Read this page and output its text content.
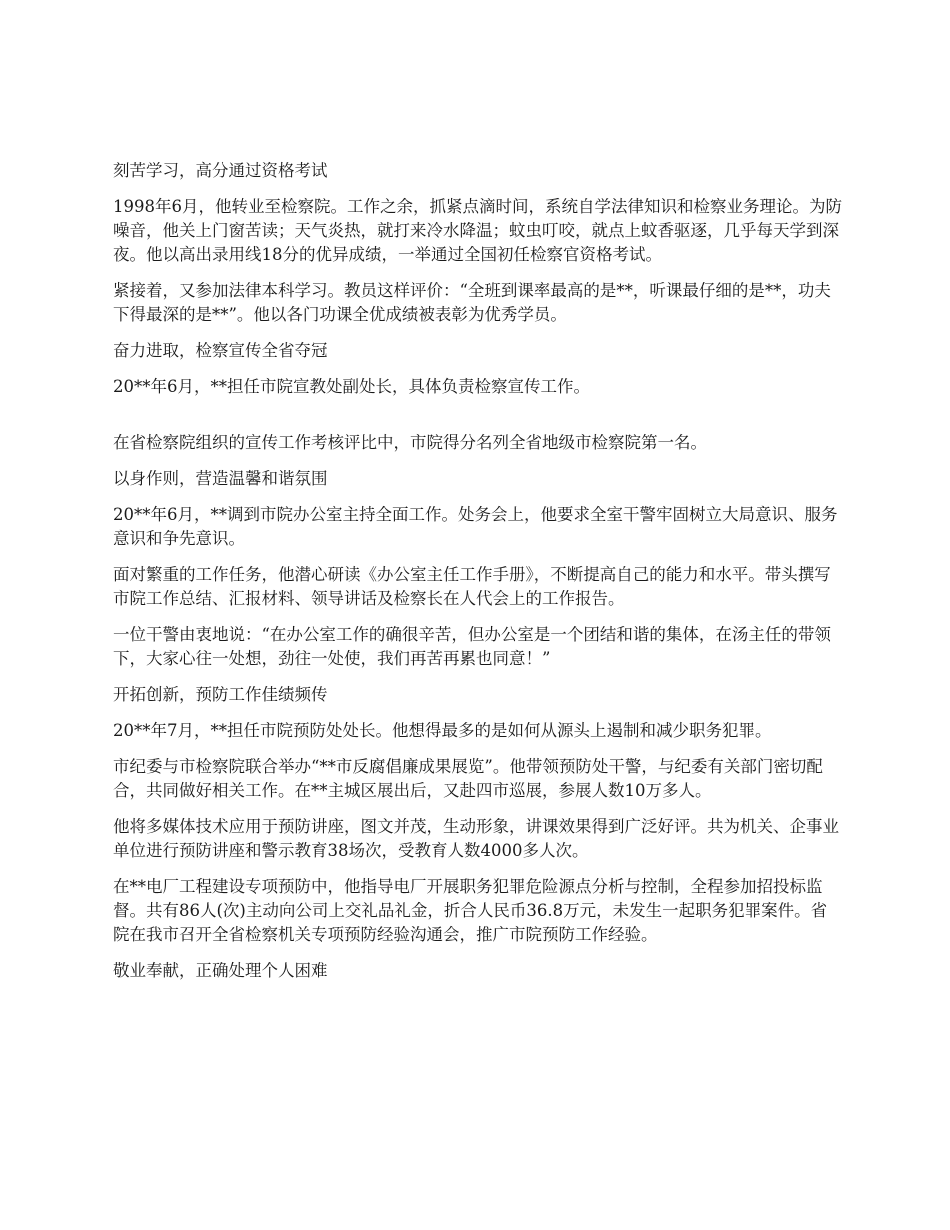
刻苦学习，高分通过资格考试

1998年6月，他转业至检察院。工作之余，抓紧点滴时间，系统自学法律知识和检察业务理论。为防噪音，他关上门窗苦读；天气炎热，就打来冷水降温；蚊虫叮咬，就点上蚊香驱逐，几乎每天学到深夜。他以高出录用线18分的优异成绩，一举通过全国初任检察官资格考试。

紧接着，又参加法律本科学习。教员这样评价：“全班到课率最高的是**，听课最仔细的是**，功夫下得最深的是**”。他以各门功课全优成绩被表彰为优秀学员。

奋力进取，检察宣传全省夺冠

20**年6月，**担任市院宣教处副处长，具体负责检察宣传工作。

在省检察院组织的宣传工作考核评比中，市院得分名列全省地级市检察院第一名。

以身作则，营造温馨和谐氛围

20**年6月，**调到市院办公室主持全面工作。处务会上，他要求全室干警牢固树立大局意识、服务意识和争先意识。

面对繁重的工作任务，他潜心研读《办公室主任工作手册》，不断提高自己的能力和水平。带头撰写市院工作总结、汇报材料、领导讲话及检察长在人代会上的工作报告。

一位干警由衷地说：“在办公室工作的确很辛苦，但办公室是一个团结和谐的集体，在汤主任的带领下，大家心往一处想，劲往一处使，我们再苦再累也同意！”

开拓创新，预防工作佳绩频传

20**年7月，**担任市院预防处处长。他想得最多的是如何从源头上遏制和减少职务犯罪。

市纪委与市检察院联合举办“**市反腐倡廉成果展览”。他带领预防处干警，与纪委有关部门密切配合，共同做好相关工作。在**主城区展出后，又赴四市巡展，参展人数10万多人。

他将多媒体技术应用于预防讲座，图文并茂，生动形象，讲课效果得到广泛好评。共为机关、企事业单位进行预防讲座和警示教育38场次，受教育人数4000多人次。

在**电厂工程建设专项预防中，他指导电厂开展职务犯罪危险源点分析与控制，全程参加招投标监督。共有86人(次)主动向公司上交礼品礼金，折合人民币36.8万元，未发生一起职务犯罪案件。省院在我市召开全省检察机关专项预防经验沟通会，推广市院预防工作经验。

敬业奉献，正确处理个人困难
